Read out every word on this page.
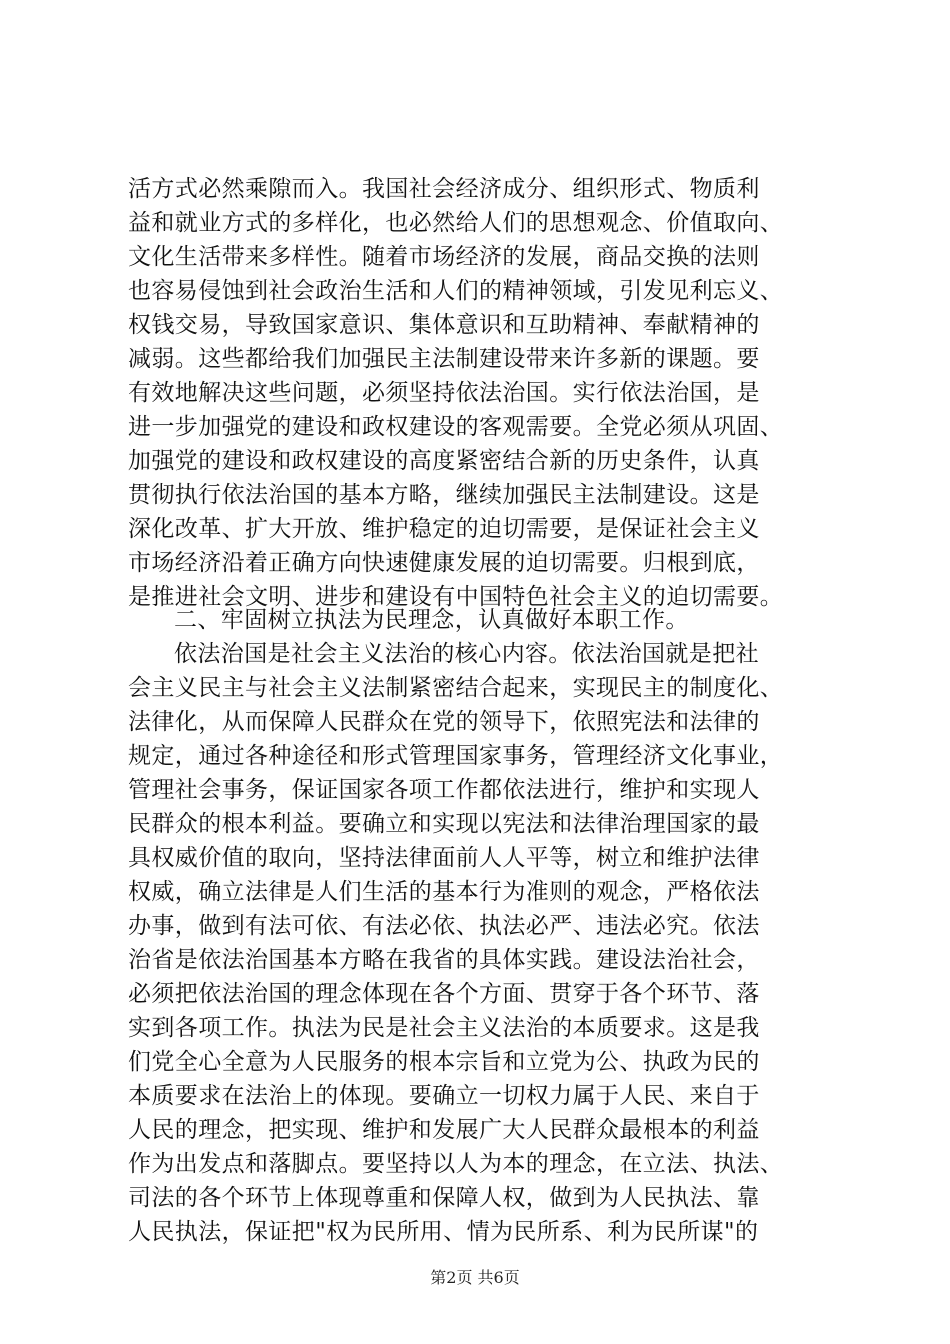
活方式必然乘隙而入。我国社会经济成分、组织形式、物质利
益和就业方式的多样化，也必然给人们的思想观念、价值取向、
文化生活带来多样性。随着市场经济的发展，商品交换的法则
也容易侵蚀到社会政治生活和人们的精神领域，引发见利忘义、
权钱交易，导致国家意识、集体意识和互助精神、奉献精神的
减弱。这些都给我们加强民主法制建设带来许多新的课题。要
有效地解决这些问题，必须坚持依法治国。实行依法治国，是
进一步加强党的建设和政权建设的客观需要。全党必须从巩固、
加强党的建设和政权建设的高度紧密结合新的历史条件，认真
贯彻执行依法治国的基本方略，继续加强民主法制建设。这是
深化改革、扩大开放、维护稳定的迫切需要，是保证社会主义
市场经济沿着正确方向快速健康发展的迫切需要。归根到底，
是推进社会文明、进步和建设有中国特色社会主义的迫切需要。
二、牢固树立执法为民理念，认真做好本职工作。
依法治国是社会主义法治的核心内容。依法治国就是把社
会主义民主与社会主义法制紧密结合起来，实现民主的制度化、
法律化，从而保障人民群众在党的领导下，依照宪法和法律的
规定，通过各种途径和形式管理国家事务，管理经济文化事业，
管理社会事务，保证国家各项工作都依法进行，维护和实现人
民群众的根本利益。要确立和实现以宪法和法律治理国家的最
具权威价值的取向，坚持法律面前人人平等，树立和维护法律
权威，确立法律是人们生活的基本行为准则的观念，严格依法
办事，做到有法可依、有法必依、执法必严、违法必究。依法
治省是依法治国基本方略在我省的具体实践。建设法治社会，
必须把依法治国的理念体现在各个方面、贯穿于各个环节、落
实到各项工作。执法为民是社会主义法治的本质要求。这是我
们党全心全意为人民服务的根本宗旨和立党为公、执政为民的
本质要求在法治上的体现。要确立一切权力属于人民、来自于
人民的理念，把实现、维护和发展广大人民群众最根本的利益
作为出发点和落脚点。要坚持以人为本的理念，在立法、执法、
司法的各个环节上体现尊重和保障人权，做到为人民执法、靠
人民执法，保证把"权为民所用、情为民所系、利为民所谋"的
第2页 共6页
